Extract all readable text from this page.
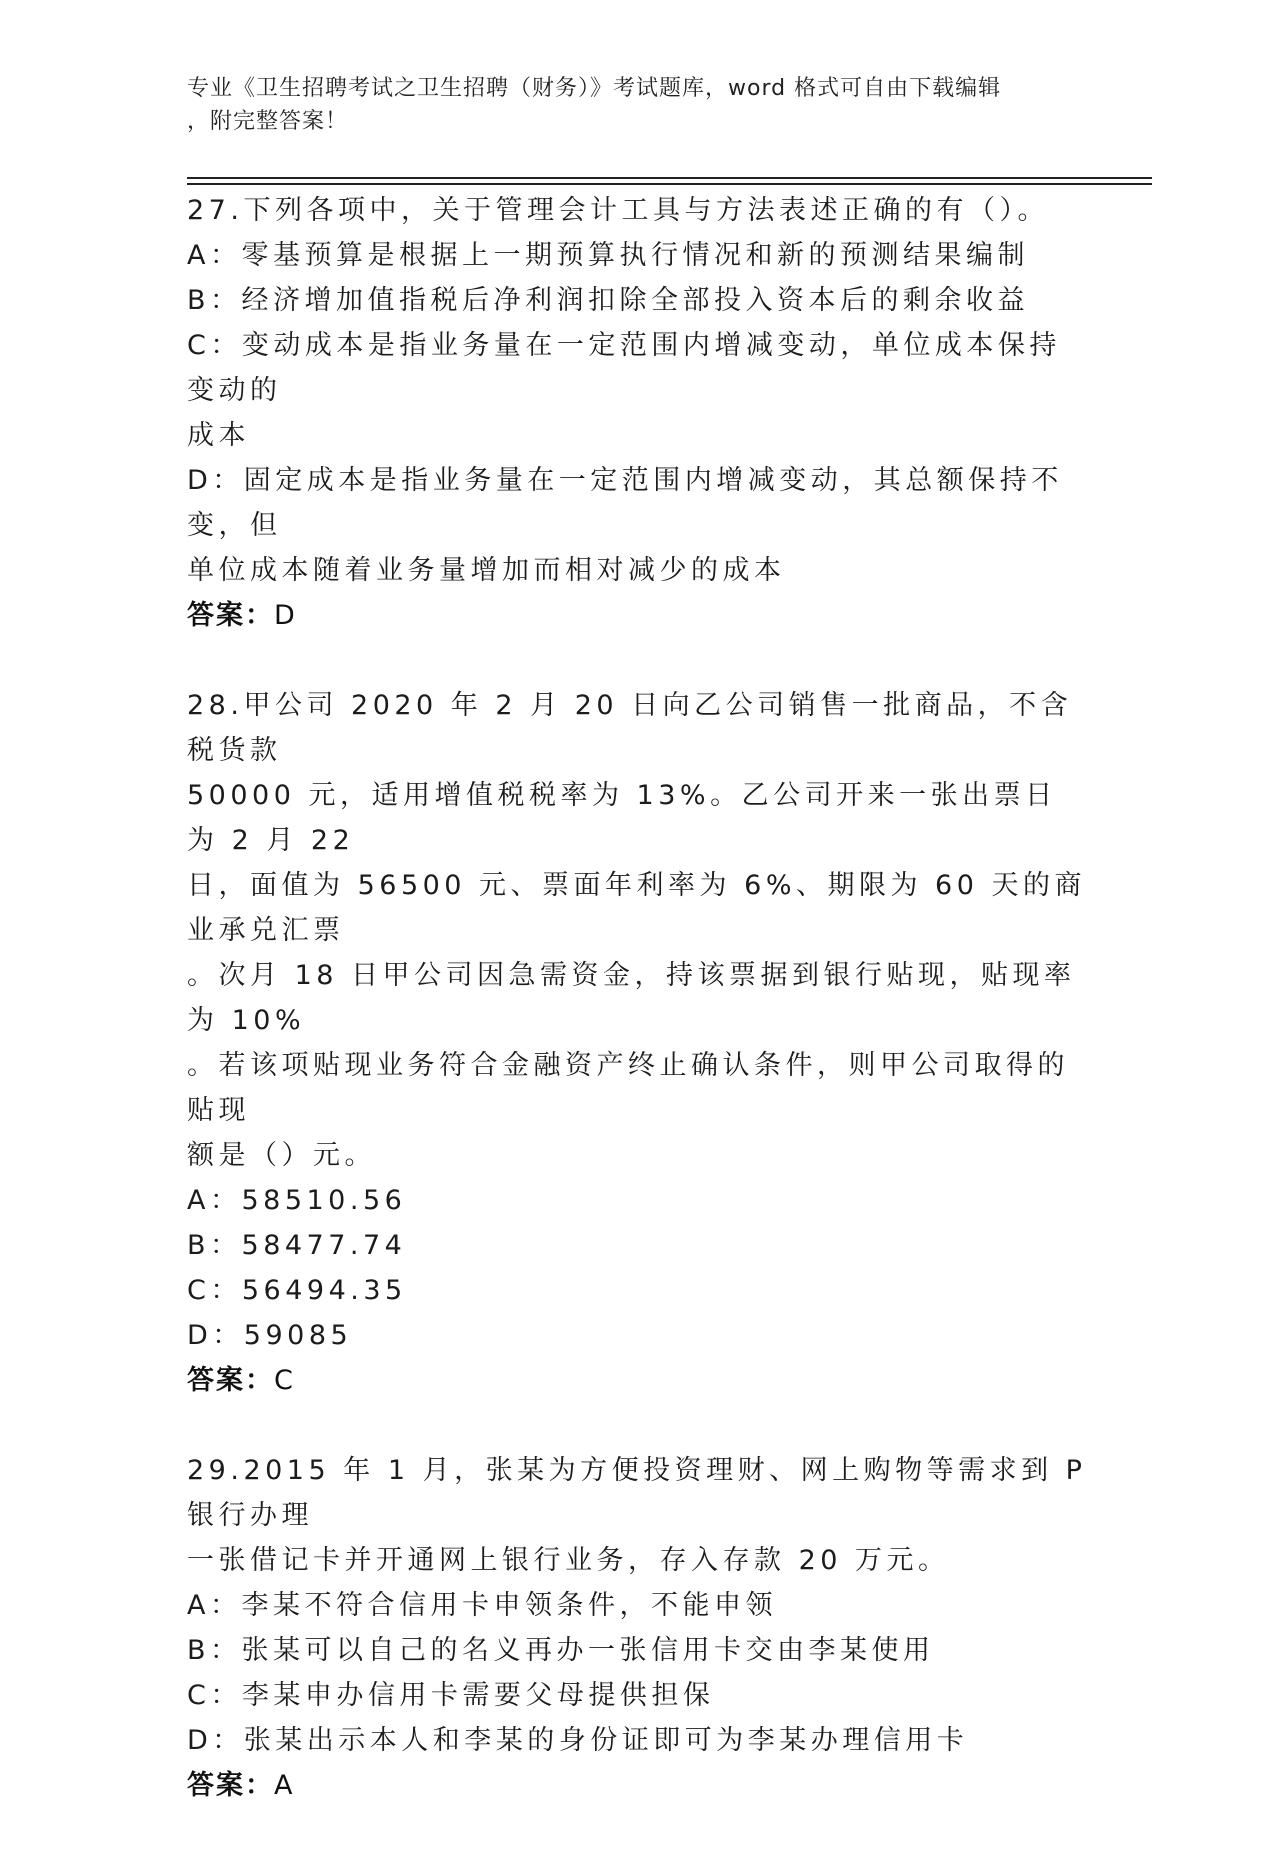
专业《卫生招聘考试之卫生招聘（财务）》考试题库，word 格式可自由下载编辑
，附完整答案！
27.下列各项中，关于管理会计工具与方法表述正确的有（）。
A：零基预算是根据上一期预算执行情况和新的预测结果编制
B：经济增加值指税后净利润扣除全部投入资本后的剩余收益
C：变动成本是指业务量在一定范围内增减变动，单位成本保持变动的
成本
D：固定成本是指业务量在一定范围内增减变动，其总额保持不变，但
单位成本随着业务量增加而相对减少的成本
答案：D
28.甲公司 2020 年 2 月 20 日向乙公司销售一批商品，不含税货款
50000 元，适用增值税税率为 13%。乙公司开来一张出票日为 2 月 22
日，面值为 56500 元、票面年利率为 6%、期限为 60 天的商业承兑汇票
。次月 18 日甲公司因急需资金，持该票据到银行贴现，贴现率为 10%
。若该项贴现业务符合金融资产终止确认条件，则甲公司取得的贴现
额是（）元。
A：58510.56
B：58477.74
C：56494.35
D：59085
答案：C
29.2015 年 1 月，张某为方便投资理财、网上购物等需求到 P 银行办理
一张借记卡并开通网上银行业务，存入存款 20 万元。
A：李某不符合信用卡申领条件，不能申领
B：张某可以自己的名义再办一张信用卡交由李某使用
C：李某申办信用卡需要父母提供担保
D：张某出示本人和李某的身份证即可为李某办理信用卡
答案：A
